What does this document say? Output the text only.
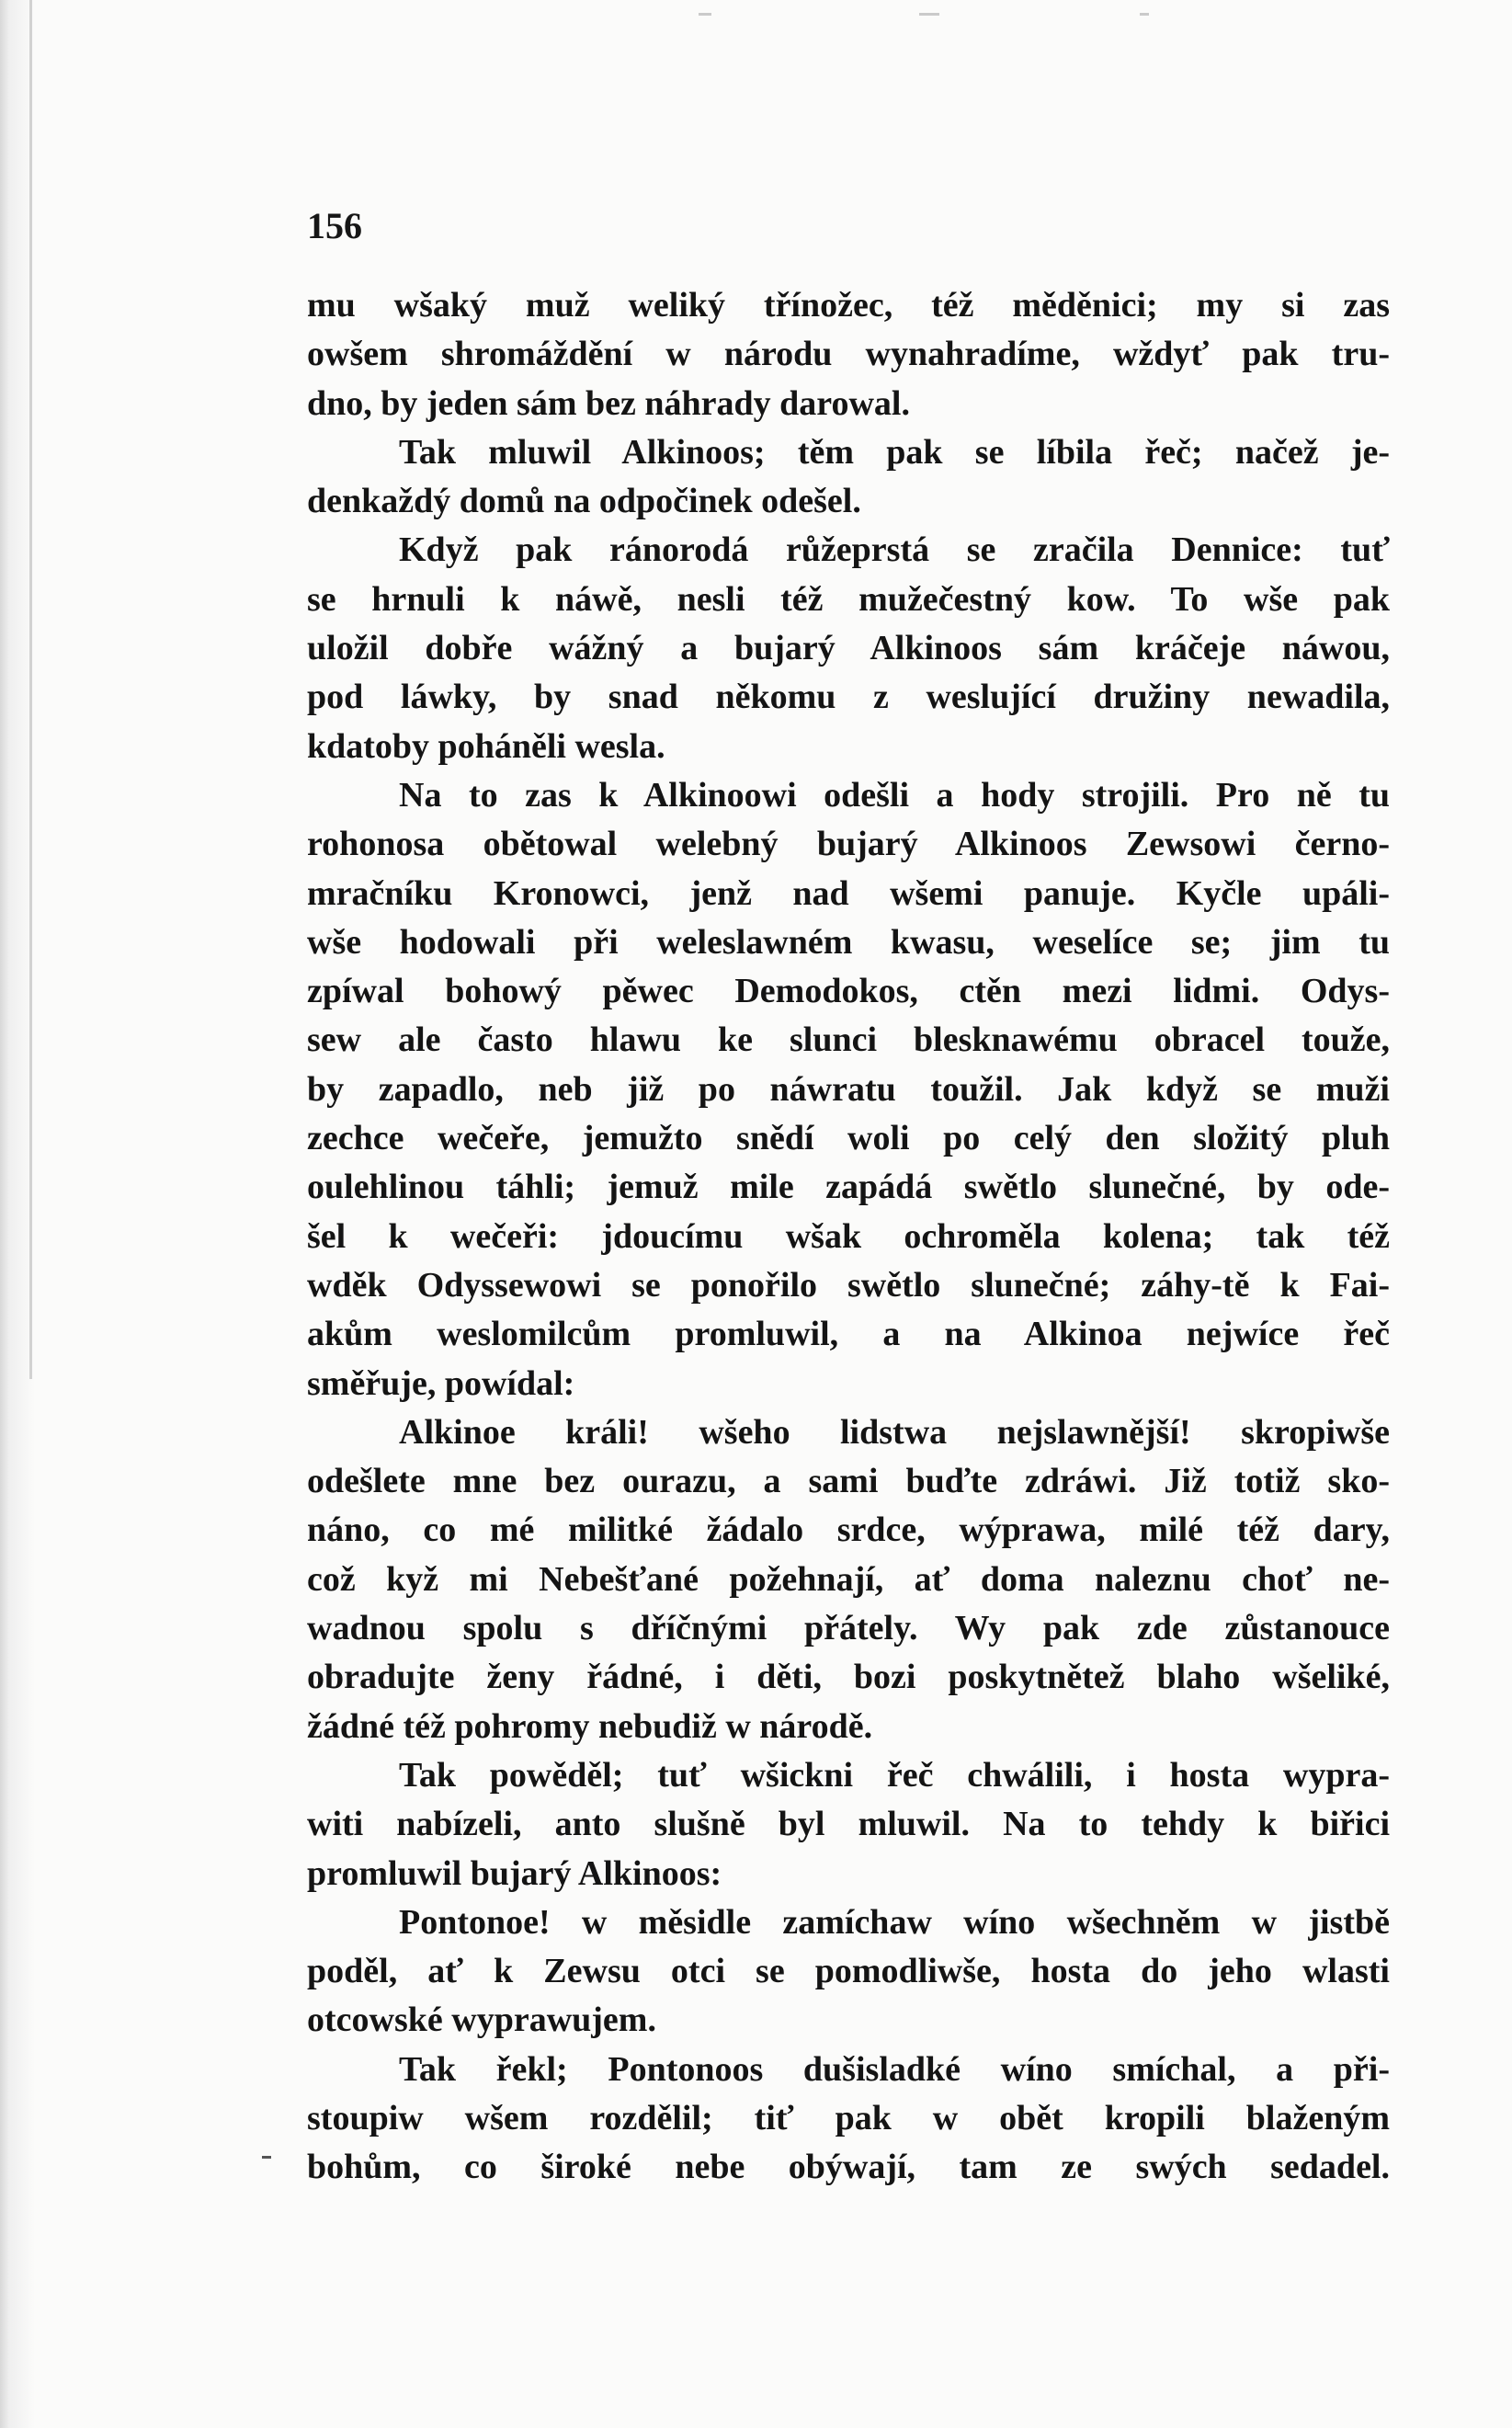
156
mu wšaký muž weliký třínožec, též měděnici; my si zas
owšem shromáždění w národu wynahradíme, wždyť pak tru-
dno, by jeden sám bez náhrady darowal.
Tak mluwil Alkinoos; těm pak se líbila řeč; načež je-
denkaždý domů na odpočinek odešel.
Když pak ránorodá růžeprstá se zračila Dennice: tuť
se hrnuli k náwě, nesli též mužečestný kow. To wše pak
uložil dobře wážný a bujarý Alkinoos sám kráčeje náwou,
pod láwky, by snad někomu z weslující družiny newadila,
kdatoby poháněli wesla.
Na to zas k Alkinoowi odešli a hody strojili. Pro ně tu
rohonosa obětowal welebný bujarý Alkinoos Zewsowi černo-
mračníku Kronowci, jenž nad wšemi panuje. Kyčle upáli-
wše hodowali při weleslawném kwasu, weselíce se; jim tu
zpíwal bohowý pěwec Demodokos, ctěn mezi lidmi. Odys-
sew ale často hlawu ke slunci blesknawému obracel touže,
by zapadlo, neb již po náwratu toužil. Jak když se muži
zechce wečeře, jemužto snědí woli po celý den složitý pluh
oulehlinou táhli; jemuž mile zapádá swětlo slunečné, by ode-
šel k wečeři: jdoucímu wšak ochroměla kolena; tak též
wděk Odyssewowi se ponořilo swětlo slunečné; záhy-tě k Fai-
akům weslomilcům promluwil, a na Alkinoa nejwíce řeč
směřuje, powídal:
Alkinoe králi! wšeho lidstwa nejslawnější! skropiwše
odešlete mne bez ourazu, a sami buďte zdráwi. Již totiž sko-
náno, co mé militké žádalo srdce, wýprawa, milé též dary,
což kyž mi Nebešťané požehnají, ať doma naleznu choť ne-
wadnou spolu s dříčnými přátely. Wy pak zde zůstanouce
obradujte ženy řádné, i děti, bozi poskytnětež blaho wšeliké,
žádné též pohromy nebudiž w národě.
Tak powěděl; tuť wšickni řeč chwálili, i hosta wypra-
witi nabízeli, anto slušně byl mluwil. Na to tehdy k biřici
promluwil bujarý Alkinoos:
Pontonoe! w měsidle zamíchaw wíno wšechněm w jistbě
poděl, ať k Zewsu otci se pomodliwše, hosta do jeho wlasti
otcowské wyprawujem.
Tak řekl; Pontonoos dušisladké wíno smíchal, a při-
stoupiw wšem rozdělil; tiť pak w obět kropili blaženým
bohům, co široké nebe obýwají, tam ze swých sedadel.
